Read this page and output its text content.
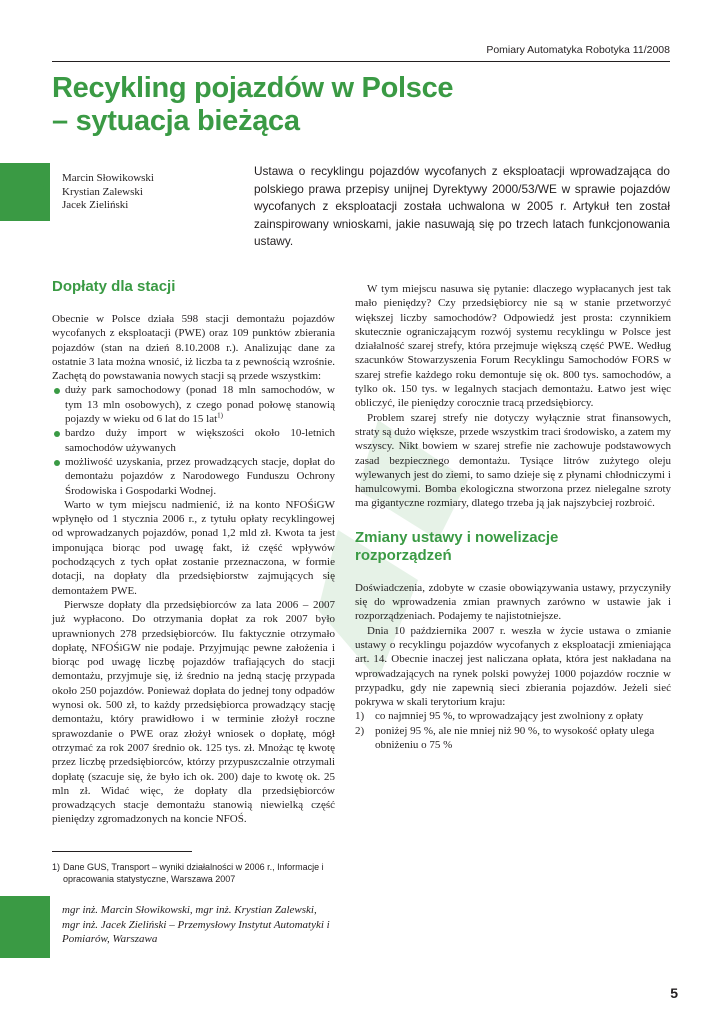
Pomiary Automatyka Robotyka 11/2008
Recykling pojazdów w Polsce
– sytuacja bieżąca
Marcin Słowikowski
Krystian Zalewski
Jacek Zieliński

Ustawa o recyklingu pojazdów wycofanych z eksploatacji wprowadzająca do polskiego prawa przepisy unijnej Dyrektywy 2000/53/WE w sprawie pojazdów wycofanych z eksploatacji została uchwalona w 2005 r. Artykuł ten został zainspirowany wnioskami, jakie nasuwają się po trzech latach funkcjonowania ustawy.

Dopłaty dla stacji

Obecnie w Polsce działa 598 stacji demontażu pojazdów wycofanych z eksploatacji (PWE) oraz 109 punktów zbierania pojazdów (stan na dzień 8.10.2008 r.). Analizując dane za ostatnie 3 lata można wnosić, iż liczba ta z pewnością wzrośnie. Zachętą do powstawania nowych stacji są przede wszystkim:

duży park samochodowy (ponad 18 mln samochodów, w tym 13 mln osobowych), z czego ponad połowę stanowią pojazdy w wieku od 6 lat do 15 lat$^{1)}$
bardzo duży import w większości około 10-letnich samochodów używanych
możliwość uzyskania, przez prowadzących stacje, dopłat do demontażu pojazdów z Narodowego Funduszu Ochrony Środowiska i Gospodarki Wodnej.

Warto w tym miejscu nadmienić, iż na konto NFOŚiGW wpłynęło od 1 stycznia 2006 r., z tytułu opłaty recyklingowej od wprowadzanych pojazdów, ponad 1,2 mld zł. Kwota ta jest imponująca biorąc pod uwagę fakt, iż część wpływów pochodzących z tych opłat zostanie przeznaczona, w formie dotacji, na dopłaty dla przedsiębiorstw zajmujących się demontażem PWE.

Pierwsze dopłaty dla przedsiębiorców za lata 2006 – 2007 już wypłacono. Do otrzymania dopłat za rok 2007 było uprawnionych 278 przedsiębiorców. Ilu faktycznie otrzymało dopłatę, NFOŚiGW nie podaje. Przyjmując pewne założenia i biorąc pod uwagę liczbę pojazdów trafiających do stacji demontażu, przyjmuje się, iż średnio na jedną stację przypada około 250 pojazdów. Ponieważ dopłata do jednej tony odpadów wynosi ok. 500 zł, to każdy przedsiębiorca prowadzący stację demontażu, który prawidłowo i w terminie złożył roczne sprawozdanie o PWE oraz złożył wniosek o dopłatę, mógł otrzymać za rok 2007 średnio ok. 125 tys. zł. Mnożąc tę kwotę przez liczbę przedsiębiorców, którzy przypuszczalnie otrzymali dopłatę (szacuje się, że było ich ok. 200) daje to kwotę ok. 25 mln zł. Widać więc, że dopłaty dla przedsiębiorców prowadzących stacje demontażu stanowią niewielką część pieniędzy zgromadzonych na koncie NFOŚ.

W tym miejscu nasuwa się pytanie: dlaczego wypłacanych jest tak mało pieniędzy? Czy przedsiębiorcy nie są w stanie przetworzyć większej liczby samochodów? Odpowiedź jest prosta: czynnikiem skutecznie ograniczającym rozwój systemu recyklingu w Polsce jest działalność szarej strefy, która przejmuje większą część PWE. Według szacunków Stowarzyszenia Forum Recyklingu Samochodów FORS w szarej strefie każdego roku demontuje się ok. 800 tys. samochodów, a tylko ok. 150 tys. w legalnych stacjach demontażu. Łatwo jest więc obliczyć, ile pieniędzy corocznie tracą przedsiębiorcy.

Problem szarej strefy nie dotyczy wyłącznie strat finansowych, straty są dużo większe, przede wszystkim traci środowisko, a zatem my wszyscy. Nikt bowiem w szarej strefie nie zachowuje podstawowych zasad bezpiecznego demontażu. Tysiące litrów zużytego oleju wylewanych jest do ziemi, to samo dzieje się z płynami chłodniczymi i hamulcowymi. Bomba ekologiczna stworzona przez nielegalne szroty ma gigantyczne rozmiary, dlatego trzeba ją jak najszybciej rozbroić.

Zmiany ustawy i nowelizacje
rozporządzeń

Doświadczenia, zdobyte w czasie obowiązywania ustawy, przyczyniły się do wprowadzenia zmian prawnych zarówno w ustawie jak i rozporządzeniach. Podajemy te najistotniejsze.

Dnia 10 października 2007 r. weszła w życie ustawa o zmianie ustawy o recyklingu pojazdów wycofanych z eksploatacji zmieniająca art. 14. Obecnie inaczej jest naliczana opłata, która jest nakładana na wprowadzających na rynek polski powyżej 1000 pojazdów rocznie w przypadku, gdy nie zapewnią sieci zbierania pojazdów. Jeżeli sieć pokrywa w skali terytorium kraju:

1) co najmniej 95 %, to wprowadzający jest zwolniony z opłaty
2) poniżej 95 %, ale nie mniej niż 90 %, to wysokość opłaty ulega obniżeniu o 75 %
1) Dane GUS, Transport – wyniki działalności w 2006 r., Informacje i opracowania statystyczne, Warszawa 2007
mgr inż. Marcin Słowikowski, mgr inż. Krystian Zalewski, mgr inż. Jacek Zieliński – Przemysłowy Instytut Automatyki i Pomiarów, Warszawa
5
